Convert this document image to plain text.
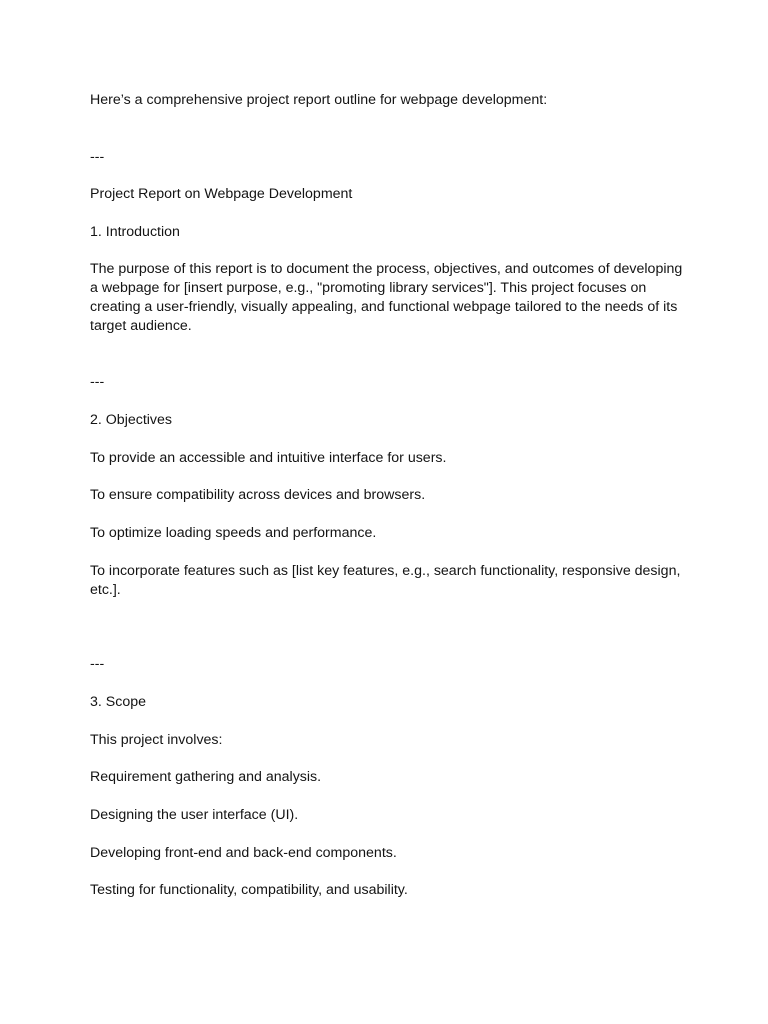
Here’s a comprehensive project report outline for webpage development:

---

Project Report on Webpage Development

1. Introduction

The purpose of this report is to document the process, objectives, and outcomes of developing

a webpage for [insert purpose, e.g., "promoting library services"]. This project focuses on

creating a user-friendly, visually appealing, and functional webpage tailored to the needs of its

target audience.

---

2. Objectives

To provide an accessible and intuitive interface for users.

To ensure compatibility across devices and browsers.

To optimize loading speeds and performance.

To incorporate features such as [list key features, e.g., search functionality, responsive design,

etc.].

---

3. Scope

This project involves:

Requirement gathering and analysis.

Designing the user interface (UI).

Developing front-end and back-end components.

Testing for functionality, compatibility, and usability.
